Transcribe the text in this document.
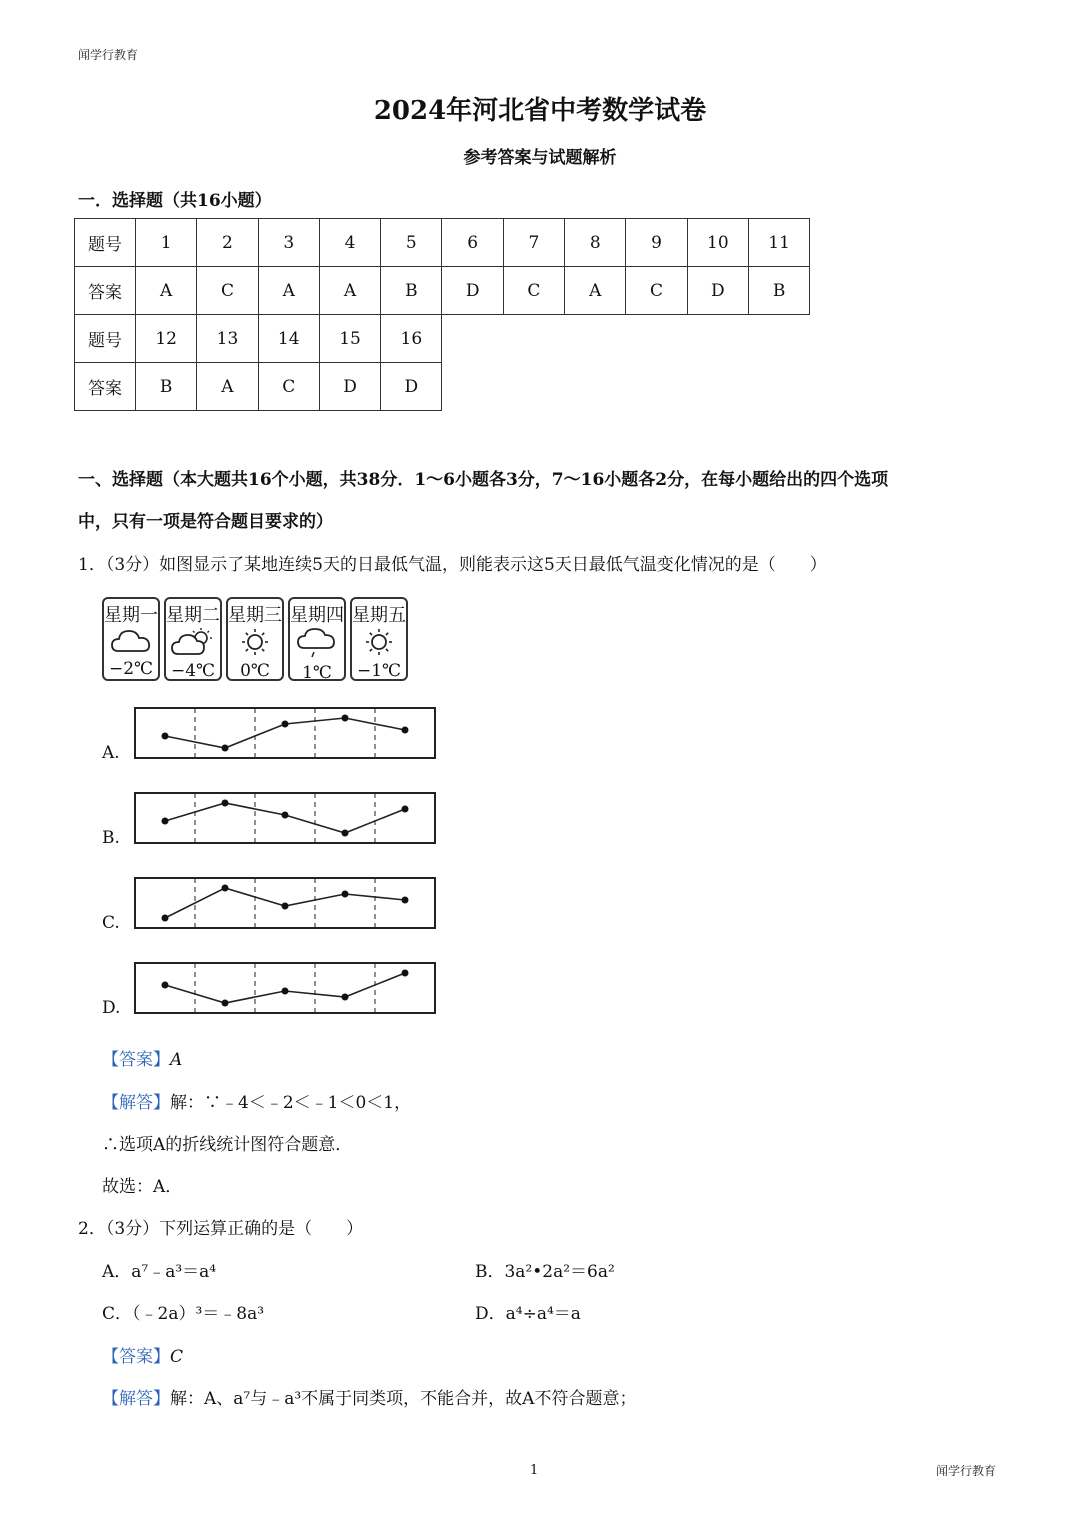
闻学行教育
2024年河北省中考数学试卷
参考答案与试题解析
一．选择题（共16小题）
题号	1	2	3	4	5	6	7	8	9	10	11
答案	A	C	A	A	B	D	C	A	C	D	B
题号	12	13	14	15	16						
答案	B	A	C	D	D						
一、选择题（本大题共16个小题，共38分．1～6小题各3分，7～16小题各2分，在每小题给出的四个选项
中，只有一项是符合题目要求的）
1．（3分）如图显示了某地连续5天的日最低气温，则能表示这5天日最低气温变化情况的是（　　）
星期一
−2℃
星期二
−4℃
星期三
0℃
星期四
1℃
星期五
−1℃
A.
B.
C.
D.
【答案】A
【解答】解：∵﹣4＜﹣2＜﹣1＜0＜1，
∴选项A的折线统计图符合题意．
故选：A．
2．（3分）下列运算正确的是（　　）
A．a⁷﹣a³＝a⁴	B．3a²•2a²＝6a²
C．（﹣2a）³＝﹣8a³	D．a⁴÷a⁴＝a
【答案】C
【解答】解：A、a⁷与﹣a³不属于同类项，不能合并，故A不符合题意；
1	闻学行教育
